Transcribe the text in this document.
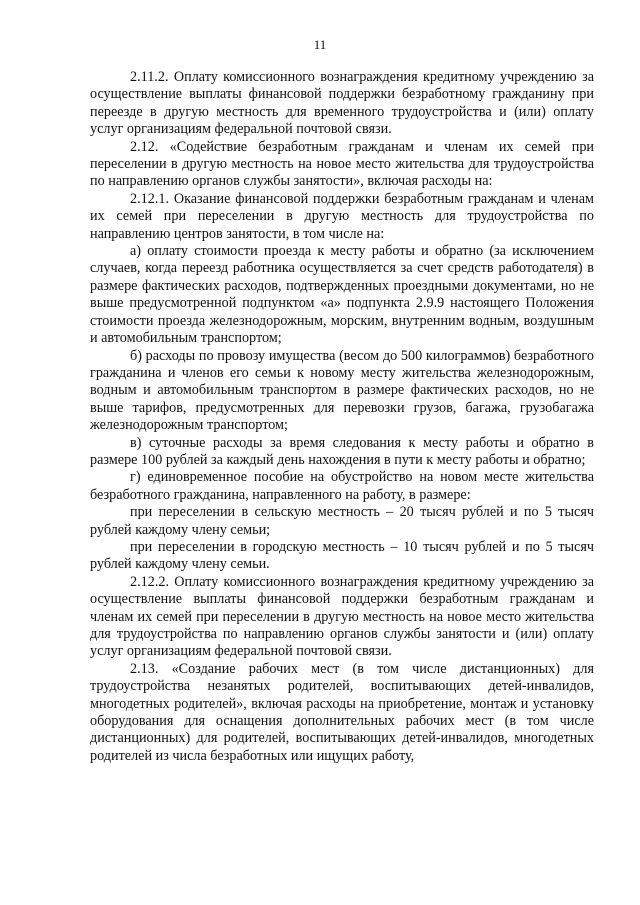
11

2.11.2. Оплату комиссионного вознаграждения кредитному учреждению за осуществление выплаты финансовой поддержки безработному гражданину при переезде в другую местность для временного трудоустройства и (или) оплату услуг организациям федеральной почтовой связи.

2.12. «Содействие безработным гражданам и членам их семей при переселении в другую местность на новое место жительства для трудоустройства по направлению органов службы занятости», включая расходы на:

2.12.1. Оказание финансовой поддержки безработным гражданам и членам их семей при переселении в другую местность для трудоустройства по направлению центров занятости, в том числе на:

а) оплату стоимости проезда к месту работы и обратно (за исключением случаев, когда переезд работника осуществляется за счет средств работодателя) в размере фактических расходов, подтвержденных проездными документами, но не выше предусмотренной подпунктом «а» подпункта 2.9.9 настоящего Положения стоимости проезда железнодорожным, морским, внутренним водным, воздушным и автомобильным транспортом;

б) расходы по провозу имущества (весом до 500 килограммов) безработного гражданина и членов его семьи к новому месту жительства железнодорожным, водным и автомобильным транспортом в размере фактических расходов, но не выше тарифов, предусмотренных для перевозки грузов, багажа, грузобагажа железнодорожным транспортом;

в) суточные расходы за время следования к месту работы и обратно в размере 100 рублей за каждый день нахождения в пути к месту работы и обратно;

г) единовременное пособие на обустройство на новом месте жительства безработного гражданина, направленного на работу, в размере:

при переселении в сельскую местность – 20 тысяч рублей и по 5 тысяч рублей каждому члену семьи;

при переселении в городскую местность – 10 тысяч рублей и по 5 тысяч рублей каждому члену семьи.

2.12.2. Оплату комиссионного вознаграждения кредитному учреждению за осуществление выплаты финансовой поддержки безработным гражданам и членам их семей при переселении в другую местность на новое место жительства для трудоустройства по направлению органов службы занятости и (или) оплату услуг организациям федеральной почтовой связи.

2.13. «Создание рабочих мест (в том числе дистанционных) для трудоустройства незанятых родителей, воспитывающих детей-инвалидов, многодетных родителей», включая расходы на приобретение, монтаж и установку оборудования для оснащения дополнительных рабочих мест (в том числе дистанционных) для родителей, воспитывающих детей-инвалидов, многодетных родителей из числа безработных или ищущих работу,
